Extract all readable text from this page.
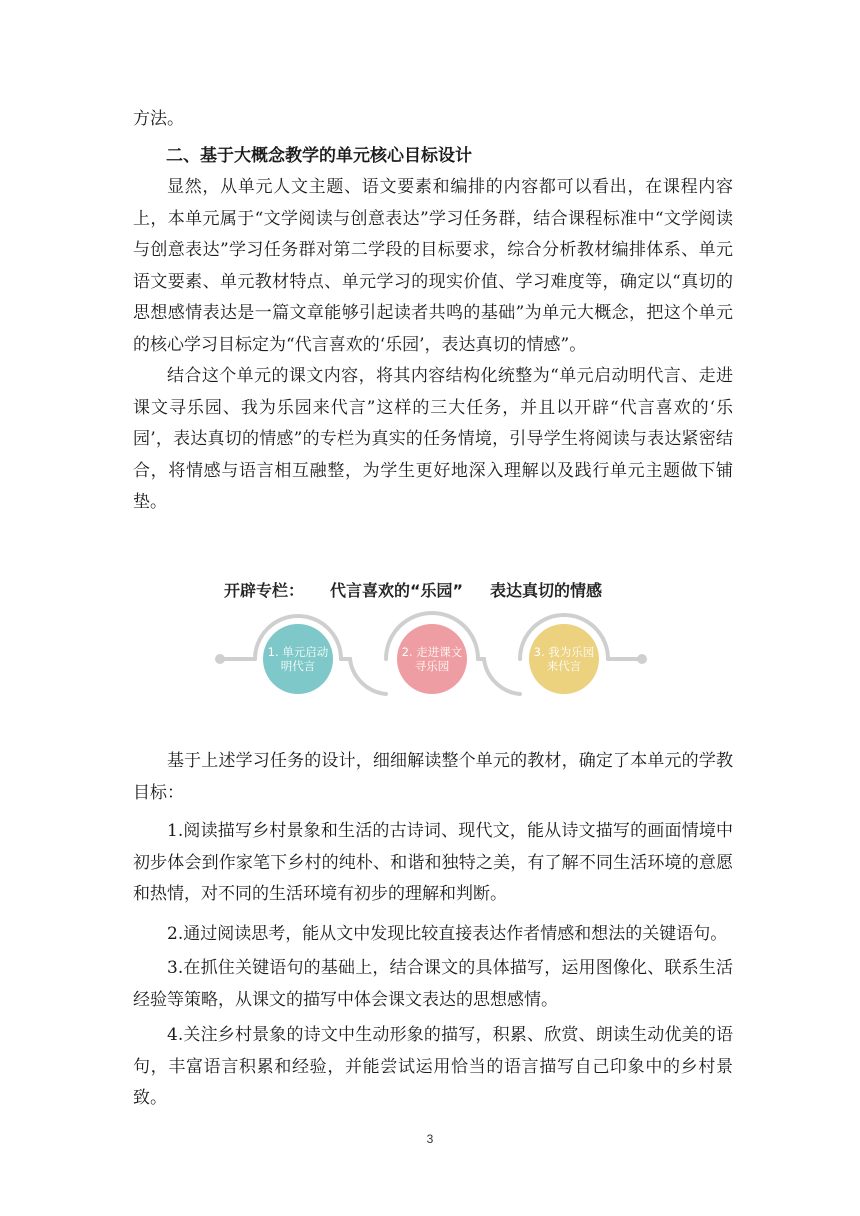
方法。

二、基于大概念教学的单元核心目标设计

显然，从单元人文主题、语文要素和编排的内容都可以看出，在课程内容上，本单元属于“文学阅读与创意表达”学习任务群，结合课程标准中“文学阅读与创意表达”学习任务群对第二学段的目标要求，综合分析教材编排体系、单元语文要素、单元教材特点、单元学习的现实价值、学习难度等，确定以“真切的思想感情表达是一篇文章能够引起读者共鸣的基础”为单元大概念，把这个单元的核心学习目标定为“代言喜欢的‘乐园’，表达真切的情感”。

结合这个单元的课文内容，将其内容结构化统整为“单元启动明代言、走进课文寻乐园、我为乐园来代言”这样的三大任务，并且以开辟“代言喜欢的‘乐园’，表达真切的情感”的专栏为真实的任务情境，引导学生将阅读与表达紧密结合，将情感与语言相互融整，为学生更好地深入理解以及践行单元主题做下铺垫。

开辟专栏： 代言喜欢的“乐园” 表达真切的情感
1. 单元启动明代言
2. 走进课文寻乐园
3. 我为乐园来代言

基于上述学习任务的设计，细细解读整个单元的教材，确定了本单元的学教目标：

1.阅读描写乡村景象和生活的古诗词、现代文，能从诗文描写的画面情境中初步体会到作家笔下乡村的纯朴、和谐和独特之美，有了解不同生活环境的意愿和热情，对不同的生活环境有初步的理解和判断。

2.通过阅读思考，能从文中发现比较直接表达作者情感和想法的关键语句。

3.在抓住关键语句的基础上，结合课文的具体描写，运用图像化、联系生活经验等策略，从课文的描写中体会课文表达的思想感情。

4.关注乡村景象的诗文中生动形象的描写，积累、欣赏、朗读生动优美的语句，丰富语言积累和经验，并能尝试运用恰当的语言描写自己印象中的乡村景致。

3
